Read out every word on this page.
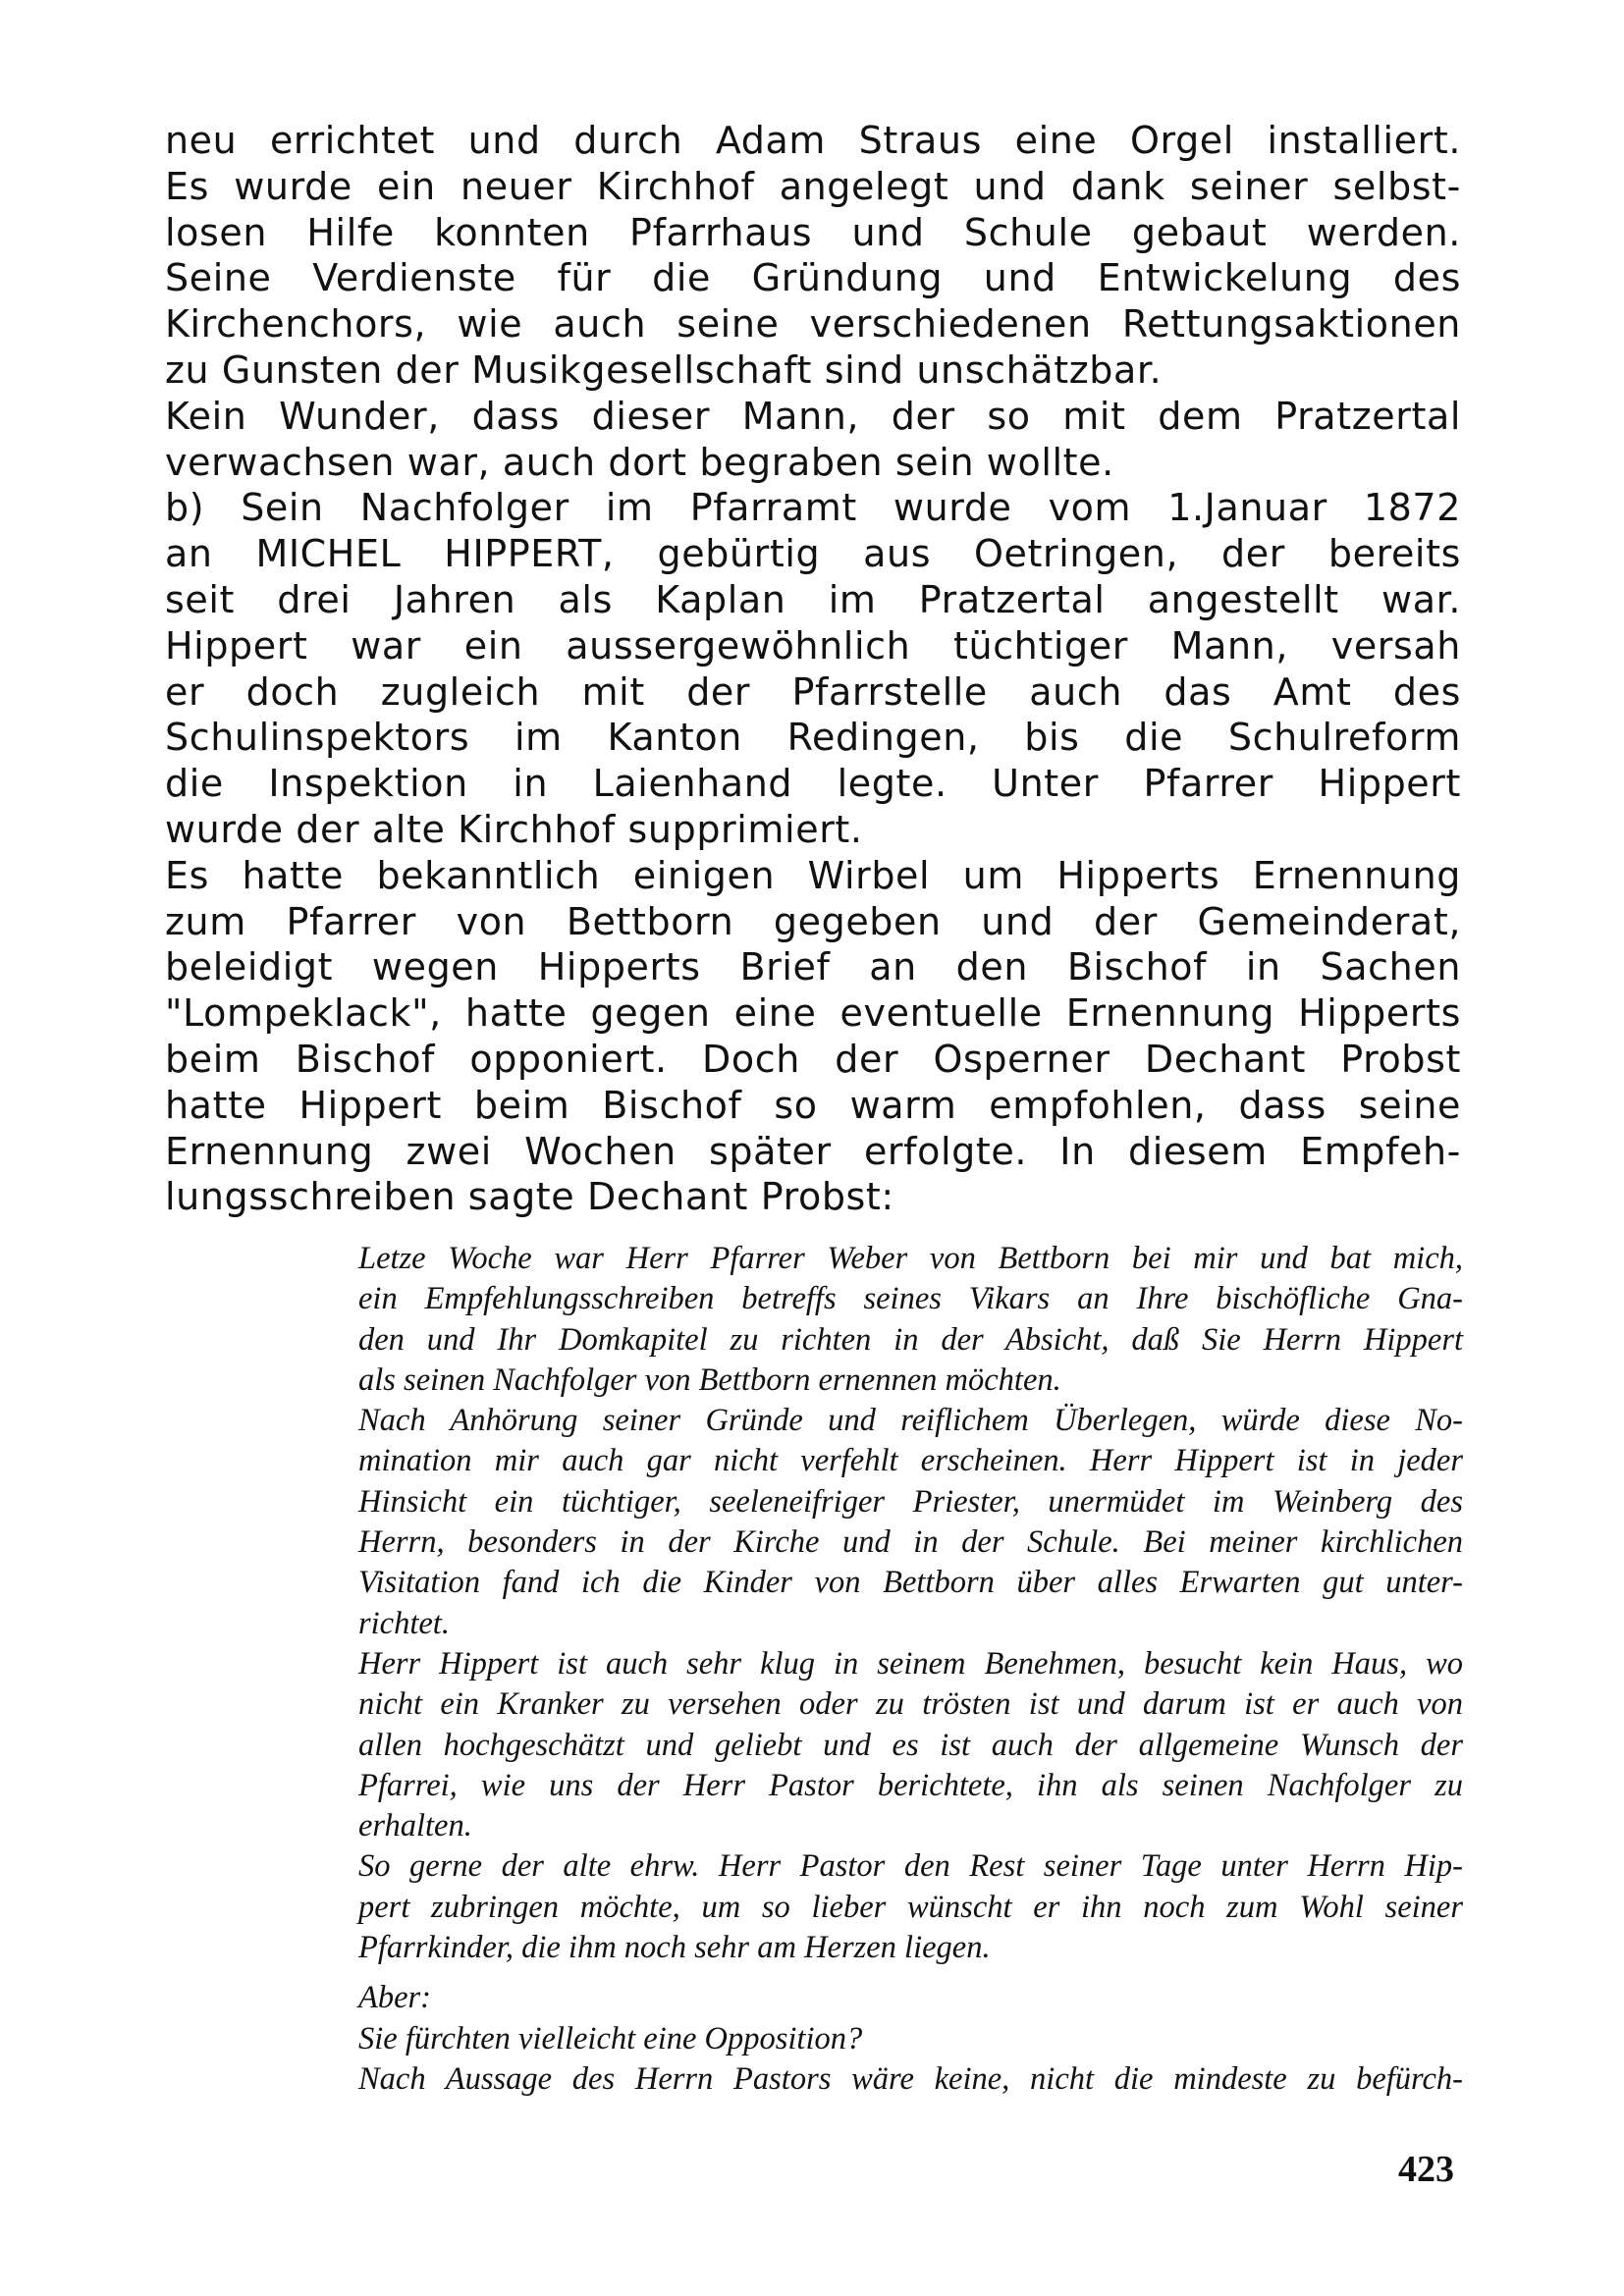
neu errichtet und durch Adam Straus eine Orgel installiert.

Es wurde ein neuer Kirchhof angelegt und dank seiner selbst-

losen Hilfe konnten Pfarrhaus und Schule gebaut werden.

Seine Verdienste für die Gründung und Entwickelung des

Kirchenchors, wie auch seine verschiedenen Rettungsaktionen

zu Gunsten der Musikgesellschaft sind unschätzbar.

Kein Wunder, dass dieser Mann, der so mit dem Pratzertal

verwachsen war, auch dort begraben sein wollte.

b) Sein Nachfolger im Pfarramt wurde vom 1.Januar 1872

an MICHEL HIPPERT, gebürtig aus Oetringen, der bereits

seit drei Jahren als Kaplan im Pratzertal angestellt war.

Hippert war ein aussergewöhnlich tüchtiger Mann, versah

er doch zugleich mit der Pfarrstelle auch das Amt des

Schulinspektors im Kanton Redingen, bis die Schulreform

die Inspektion in Laienhand legte. Unter Pfarrer Hippert

wurde der alte Kirchhof supprimiert.

Es hatte bekanntlich einigen Wirbel um Hipperts Ernennung

zum Pfarrer von Bettborn gegeben und der Gemeinderat,

beleidigt wegen Hipperts Brief an den Bischof in Sachen

"Lompeklack", hatte gegen eine eventuelle Ernennung Hipperts

beim Bischof opponiert. Doch der Osperner Dechant Probst

hatte Hippert beim Bischof so warm empfohlen, dass seine

Ernennung zwei Wochen später erfolgte. In diesem Empfeh-

lungsschreiben sagte Dechant Probst:

Letze Woche war Herr Pfarrer Weber von Bettborn bei mir und bat mich,

ein Empfehlungsschreiben betreffs seines Vikars an Ihre bischöfliche Gna-

den und Ihr Domkapitel zu richten in der Absicht, daß Sie Herrn Hippert

als seinen Nachfolger von Bettborn ernennen möchten.

Nach Anhörung seiner Gründe und reiflichem Überlegen, würde diese No-

mination mir auch gar nicht verfehlt erscheinen. Herr Hippert ist in jeder

Hinsicht ein tüchtiger, seeleneifriger Priester, unermüdet im Weinberg des

Herrn, besonders in der Kirche und in der Schule. Bei meiner kirchlichen

Visitation fand ich die Kinder von Bettborn über alles Erwarten gut unter-

richtet.

Herr Hippert ist auch sehr klug in seinem Benehmen, besucht kein Haus, wo

nicht ein Kranker zu versehen oder zu trösten ist und darum ist er auch von

allen hochgeschätzt und geliebt und es ist auch der allgemeine Wunsch der

Pfarrei, wie uns der Herr Pastor berichtete, ihn als seinen Nachfolger zu

erhalten.

So gerne der alte ehrw. Herr Pastor den Rest seiner Tage unter Herrn Hip-

pert zubringen möchte, um so lieber wünscht er ihn noch zum Wohl seiner

Pfarrkinder, die ihm noch sehr am Herzen liegen.

Aber:

Sie fürchten vielleicht eine Opposition?

Nach Aussage des Herrn Pastors wäre keine, nicht die mindeste zu befürch-

423
